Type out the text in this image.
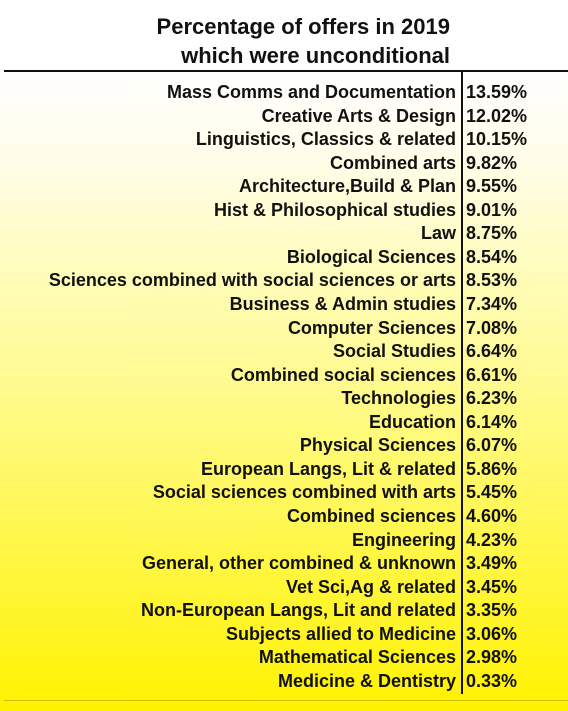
Percentage of offers in 2019
which were unconditional
Mass Comms and Documentation 13.59%
Creative Arts & Design 12.02%
Linguistics, Classics & related 10.15%
Combined arts 9.82%
Architecture,Build & Plan 9.55%
Hist & Philosophical studies 9.01%
Law 8.75%
Biological Sciences 8.54%
Sciences combined with social sciences or arts 8.53%
Business & Admin studies 7.34%
Computer Sciences 7.08%
Social Studies 6.64%
Combined social sciences 6.61%
Technologies 6.23%
Education 6.14%
Physical Sciences 6.07%
European Langs, Lit & related 5.86%
Social sciences combined with arts 5.45%
Combined sciences 4.60%
Engineering 4.23%
General, other combined & unknown 3.49%
Vet Sci,Ag & related 3.45%
Non-European Langs, Lit and related 3.35%
Subjects allied to Medicine 3.06%
Mathematical Sciences 2.98%
Medicine & Dentistry 0.33%
